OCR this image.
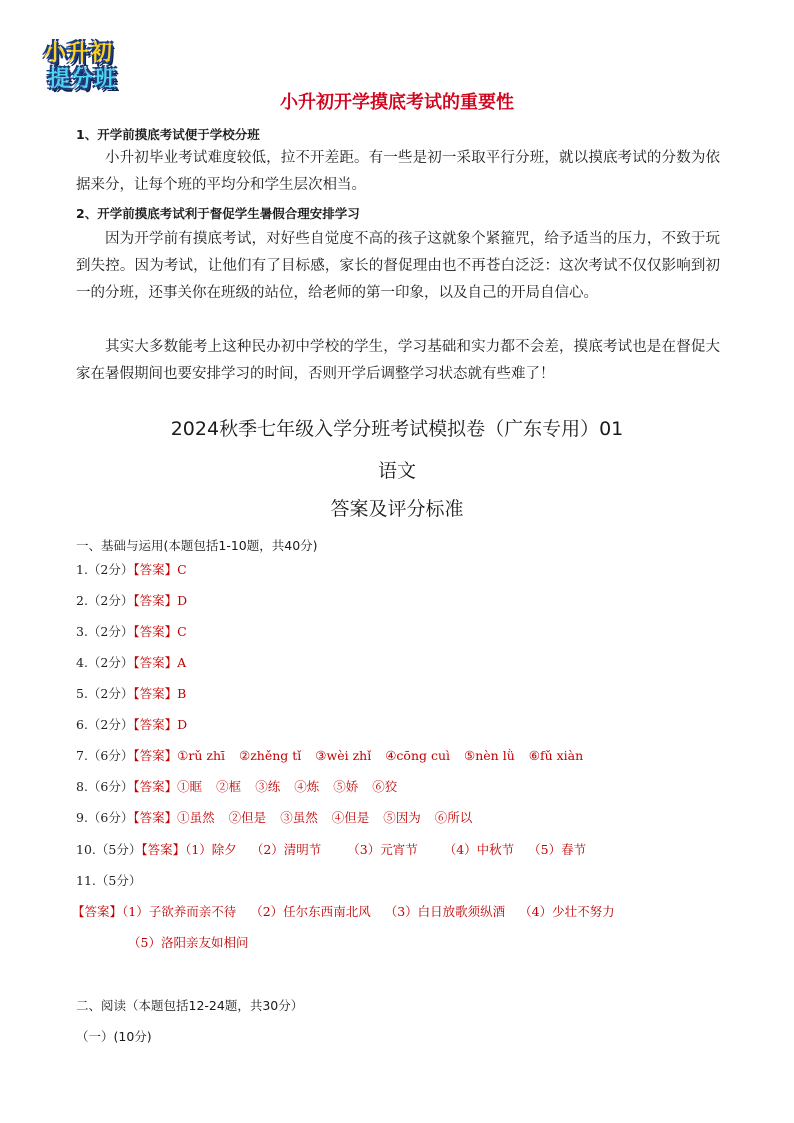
小升初
提分班
小升初开学摸底考试的重要性
1、开学前摸底考试便于学校分班

小升初毕业考试难度较低，拉不开差距。有一些是初一采取平行分班，就以摸底考试的分数为依据来分，让每个班的平均分和学生层次相当。

2、开学前摸底考试利于督促学生暑假合理安排学习

因为开学前有摸底考试，对好些自觉度不高的孩子这就象个紧箍咒，给予适当的压力，不致于玩到失控。因为考试，让他们有了目标感，家长的督促理由也不再苍白泛泛：这次考试不仅仅影响到初一的分班，还事关你在班级的站位，给老师的第一印象，以及自己的开局自信心。

其实大多数能考上这种民办初中学校的学生，学习基础和实力都不会差，摸底考试也是在督促大家在暑假期间也要安排学习的时间，否则开学后调整学习状态就有些难了！

2024秋季七年级入学分班考试模拟卷（广东专用）01
语文
答案及评分标准
一、基础与运用(本题包括1-10题，共40分)
1.（2分）【答案】C
2.（2分）【答案】D
3.（2分）【答案】C
4.（2分）【答案】A
5.（2分）【答案】B
6.（2分）【答案】D
7.（6分）【答案】①rǔ zhī ②zhěng tǐ ③wèi zhǐ ④cōng cuì ⑤nèn lǜ ⑥fǔ xiàn
8.（6分）【答案】①眶 ②框 ③练 ④炼 ⑤娇 ⑥狡
9.（6分）【答案】①虽然 ②但是 ③虽然 ④但是 ⑤因为 ⑥所以
10.（5分）【答案】（1）除夕 （2）清明节 （3）元宵节 （4）中秋节 （5）春节
11.（5分）
【答案】（1）子欲养而亲不待 （2）任尔东西南北风 （3）白日放歌须纵酒 （4）少壮不努力
（5）洛阳亲友如相问
二、阅读（本题包括12-24题，共30分）
（一）(10分)
